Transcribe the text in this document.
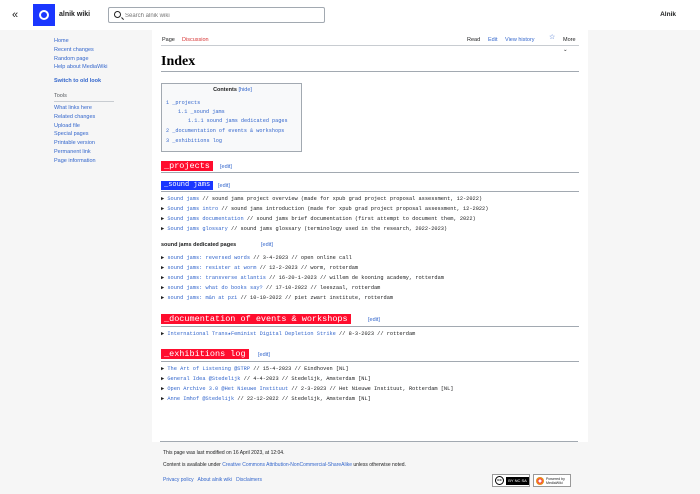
«	alnik wiki
Search alnik wiki	Alnik
Home
Recent changes
Random page
Help about MediaWiki
Switch to old look
Tools
What links here
Related changes
Upload file
Special pages
Printable version
Permanent link
Page information
Page Discussion	Read Edit View history ☆ More ⌄
Index
Contents [hide]
1 _projects
1.1 _sound jams
1.1.1 sound jams dedicated pages
2 _documentation of events & workshops
3 _exhibitions log
_projects	[edit]
_sound jams	[edit]
▶ Sound jams // sound jams project overview (made for xpub grad project proposal assessment, 12-2022)
▶ Sound jams intro // sound jams introduction (made for xpub grad project proposal assessment, 12-2022)
▶ Sound jams documentation // sound jams brief documentation (first attempt to document them, 2022)
▶ Sound jams glossary // sound jams glossary (terminology used in the research, 2022-2023)
sound jams dedicated pages	[edit]
▶ sound jams: reversed words // 3-4-2023 // open online call
▶ sound jams: resister at worm // 12-2-2023 // worm, rotterdam
▶ sound jams: transverse atlantis // 16-20-1-2023 // willem de kooning academy, rotterdam
▶ sound jams: what do books say? // 17-10-2022 // leeszaal, rotterdam
▶ sound jams: m&n at pzi // 10-10-2022 // piet zwart institute, rotterdam
_documentation of events & workshops	[edit]
▶ International Trans★Feminist Digital Depletion Strike // 8-3-2023 // rotterdam
_exhibitions log	[edit]
▶ The Art of Listening @STRP // 15-4-2023 // Eindhoven [NL]
▶ General Idea @Stedelijk // 4-4-2023 // Stedelijk, Amsterdam [NL]
▶ Open Archive 3.0 @Het Nieuwe Instituut // 2-3-2023 // Het Nieuwe Instituut, Rotterdam [NL]
▶ Anne Imhof @Stedelijk // 22-12-2022 // Stedelijk, Amsterdam [NL]
This page was last modified on 16 April 2023, at 12:04.
Content is available under Creative Commons Attribution-NonCommercial-ShareAlike unless otherwise noted.
Privacy policy About alnik wiki Disclaimers	cc	BY NC SA	Powered by MediaWiki
